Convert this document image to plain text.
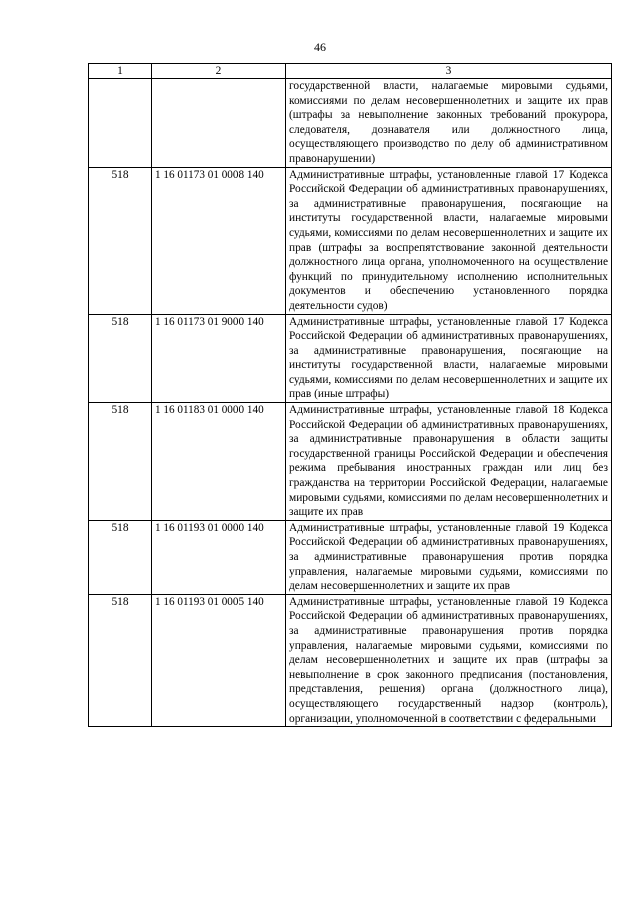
46
1	2	3
		государственной власти, налагаемые мировыми судьями, комиссиями по делам несовершеннолетних и защите их прав (штрафы за невыполнение законных требований прокурора, следователя, дознавателя или должностного лица, осуществляющего производство по делу об административном правонарушении)
518	1 16 01173 01 0008 140	Административные штрафы, установленные главой 17 Кодекса Российской Федерации об административных правонарушениях, за административные правонарушения, посягающие на институты государственной власти, налагаемые мировыми судьями, комиссиями по делам несовершеннолетних и защите их прав (штрафы за воспрепятствование законной деятельности должностного лица органа, уполномоченного на осуществление функций по принудительному исполнению исполнительных документов и обеспечению установленного порядка деятельности судов)
518	1 16 01173 01 9000 140	Административные штрафы, установленные главой 17 Кодекса Российской Федерации об административных правонарушениях, за административные правонарушения, посягающие на институты государственной власти, налагаемые мировыми судьями, комиссиями по делам несовершеннолетних и защите их прав (иные штрафы)
518	1 16 01183 01 0000 140	Административные штрафы, установленные главой 18 Кодекса Российской Федерации об административных правонарушениях, за административные правонарушения в области защиты государственной границы Российской Федерации и обеспечения режима пребывания иностранных граждан или лиц без гражданства на территории Российской Федерации, налагаемые мировыми судьями, комиссиями по делам несовершеннолетних и защите их прав
518	1 16 01193 01 0000 140	Административные штрафы, установленные главой 19 Кодекса Российской Федерации об административных правонарушениях, за административные правонарушения против порядка управления, налагаемые мировыми судьями, комиссиями по делам несовершеннолетних и защите их прав
518	1 16 01193 01 0005 140	Административные штрафы, установленные главой 19 Кодекса Российской Федерации об административных правонарушениях, за административные правонарушения против порядка управления, налагаемые мировыми судьями, комиссиями по делам несовершеннолетних и защите их прав (штрафы за невыполнение в срок законного предписания (постановления, представления, решения) органа (должностного лица), осуществляющего государственный надзор (контроль), организации, уполномоченной в соответствии с федеральными
